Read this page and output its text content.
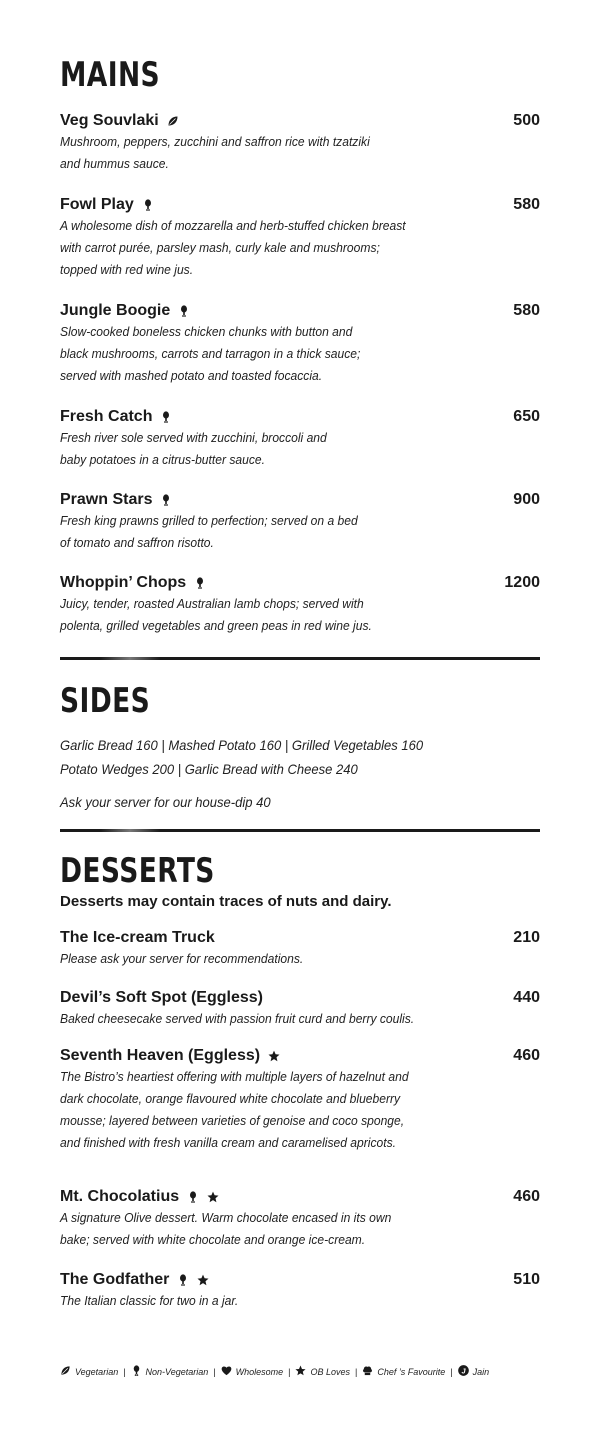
MAINS
Veg Souvlaki	500
Mushroom, peppers, zucchini and saffron rice with tzatziki
and hummus sauce.
Fowl Play	580
A wholesome dish of mozzarella and herb-stuffed chicken breast
with carrot purée, parsley mash, curly kale and mushrooms;
topped with red wine jus.
Jungle Boogie	580
Slow-cooked boneless chicken chunks with button and
black mushrooms, carrots and tarragon in a thick sauce;
served with mashed potato and toasted focaccia.
Fresh Catch	650
Fresh river sole served with zucchini, broccoli and
baby potatoes in a citrus-butter sauce.
Prawn Stars	900
Fresh king prawns grilled to perfection; served on a bed
of tomato and saffron risotto.
Whoppin’ Chops	1200
Juicy, tender, roasted Australian lamb chops; served with
polenta, grilled vegetables and green peas in red wine jus.
SIDES
Garlic Bread 160 | Mashed Potato 160 | Grilled Vegetables 160
Potato Wedges 200 | Garlic Bread with Cheese 240
Ask your server for our house-dip 40
DESSERTS
Desserts may contain traces of nuts and dairy.
The Ice-cream Truck	210
Please ask your server for recommendations.
Devil’s Soft Spot (Eggless)	440
Baked cheesecake served with passion fruit curd and berry coulis.
Seventh Heaven (Eggless)	460
The Bistro’s heartiest offering with multiple layers of hazelnut and
dark chocolate, orange flavoured white chocolate and blueberry
mousse; layered between varieties of genoise and coco sponge,
and finished with fresh vanilla cream and caramelised apricots.
Mt. Chocolatius	460
A signature Olive dessert. Warm chocolate encased in its own
bake; served with white chocolate and orange ice-cream.
The Godfather	510
The Italian classic for two in a jar.
Vegetarian | Non-Vegetarian | Wholesome | OB Loves | Chef ’s Favourite | J Jain
